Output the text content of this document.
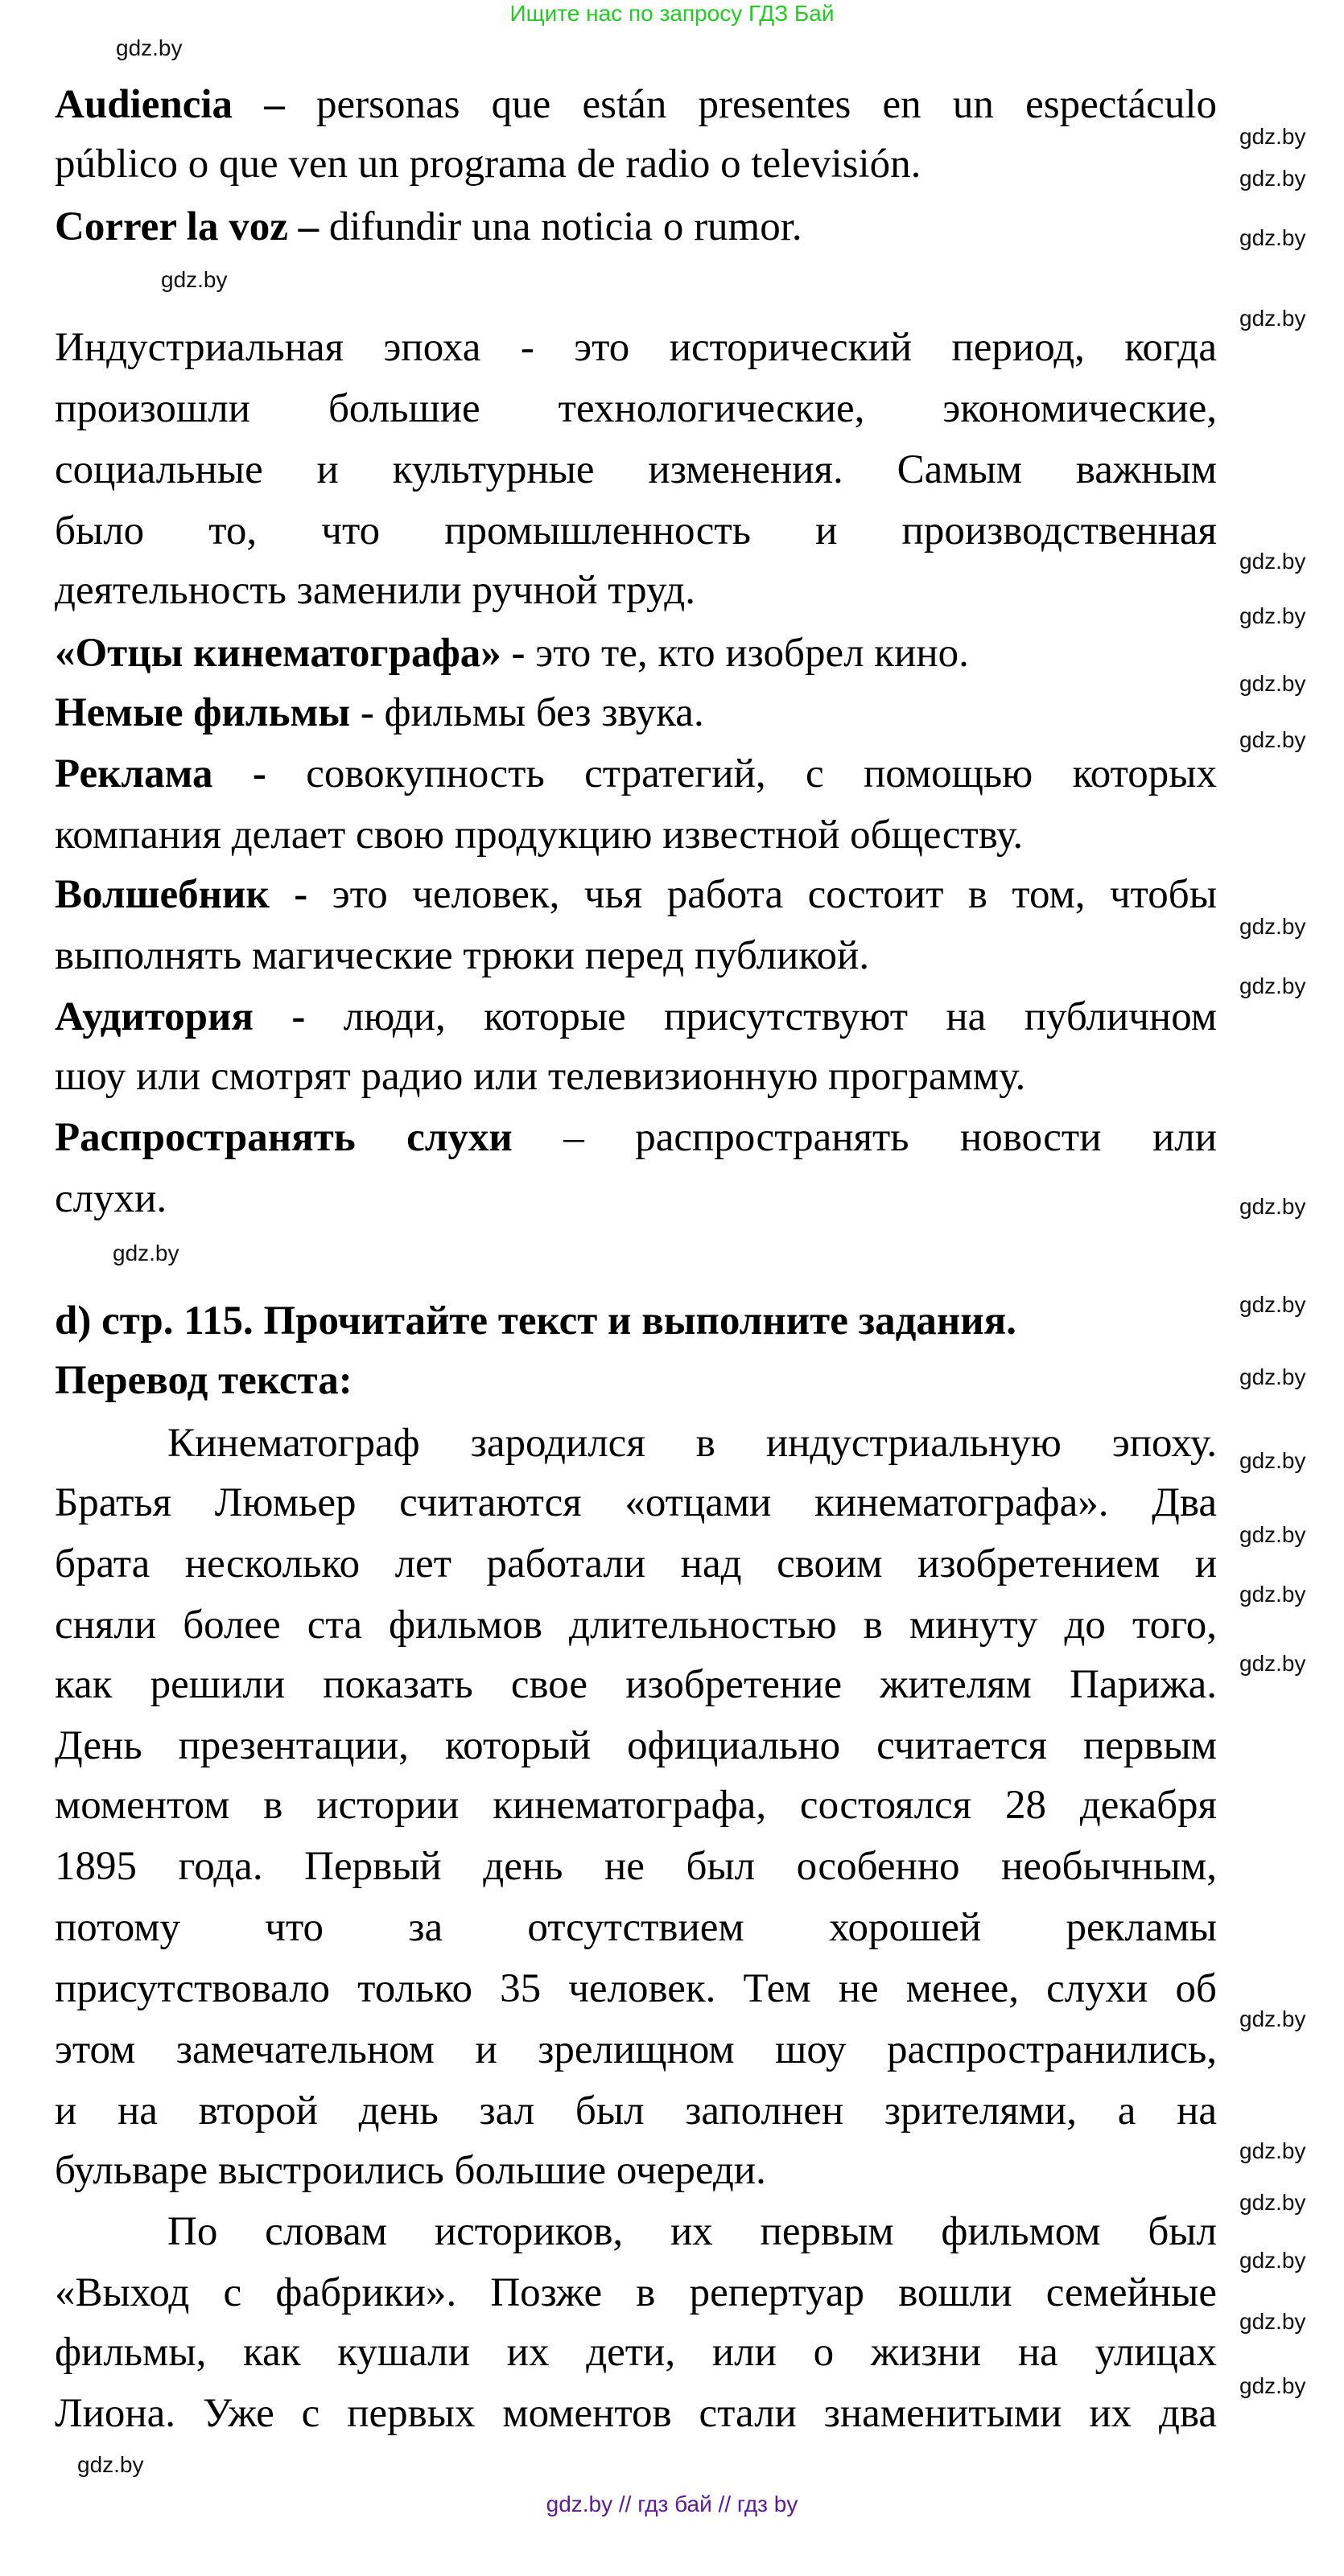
Ищите нас по запросу ГДЗ Бай
Audiencia – personas que están presentes en un espectáculo
público o que ven un programa de radio o televisión.
Correr la voz – difundir una noticia o rumor.
Индустриальная эпоха - это исторический период, когда
произошли большие технологические, экономические,
социальные и культурные изменения. Самым важным
было то, что промышленность и производственная
деятельность заменили ручной труд.
«Отцы кинематографа» - это те, кто изобрел кино.
Немые фильмы - фильмы без звука.
Реклама - совокупность стратегий, с помощью которых
компания делает свою продукцию известной обществу.
Волшебник - это человек, чья работа состоит в том, чтобы
выполнять магические трюки перед публикой.
Аудитория - люди, которые присутствуют на публичном
шоу или смотрят радио или телевизионную программу.
Распространять слухи – распространять новости или
слухи.
d) стр. 115. Прочитайте текст и выполните задания.
Перевод текста:
Кинематограф зародился в индустриальную эпоху.
Братья Люмьер считаются «отцами кинематографа». Два
брата несколько лет работали над своим изобретением и
сняли более ста фильмов длительностью в минуту до того,
как решили показать свое изобретение жителям Парижа.
День презентации, который официально считается первым
моментом в истории кинематографа, состоялся 28 декабря
1895 года. Первый день не был особенно необычным,
потому что за отсутствием хорошей рекламы
присутствовало только 35 человек. Тем не менее, слухи об
этом замечательном и зрелищном шоу распространились,
и на второй день зал был заполнен зрителями, а на
бульваре выстроились большие очереди.
По словам историков, их первым фильмом был
«Выход с фабрики». Позже в репертуар вошли семейные
фильмы, как кушали их дети, или о жизни на улицах
Лиона. Уже с первых моментов стали знаменитыми их два
gdz.by
gdz.by
gdz.by
gdz.by
gdz.by
gdz.by
gdz.by
gdz.by
gdz.by
gdz.by
gdz.by
gdz.by
gdz.by
gdz.by
gdz.by
gdz.by
gdz.by
gdz.by
gdz.by
gdz.by
gdz.by
gdz.by
gdz.by
gdz.by
gdz.by
gdz.by
gdz.by
gdz.by // гдз бай // гдз by
